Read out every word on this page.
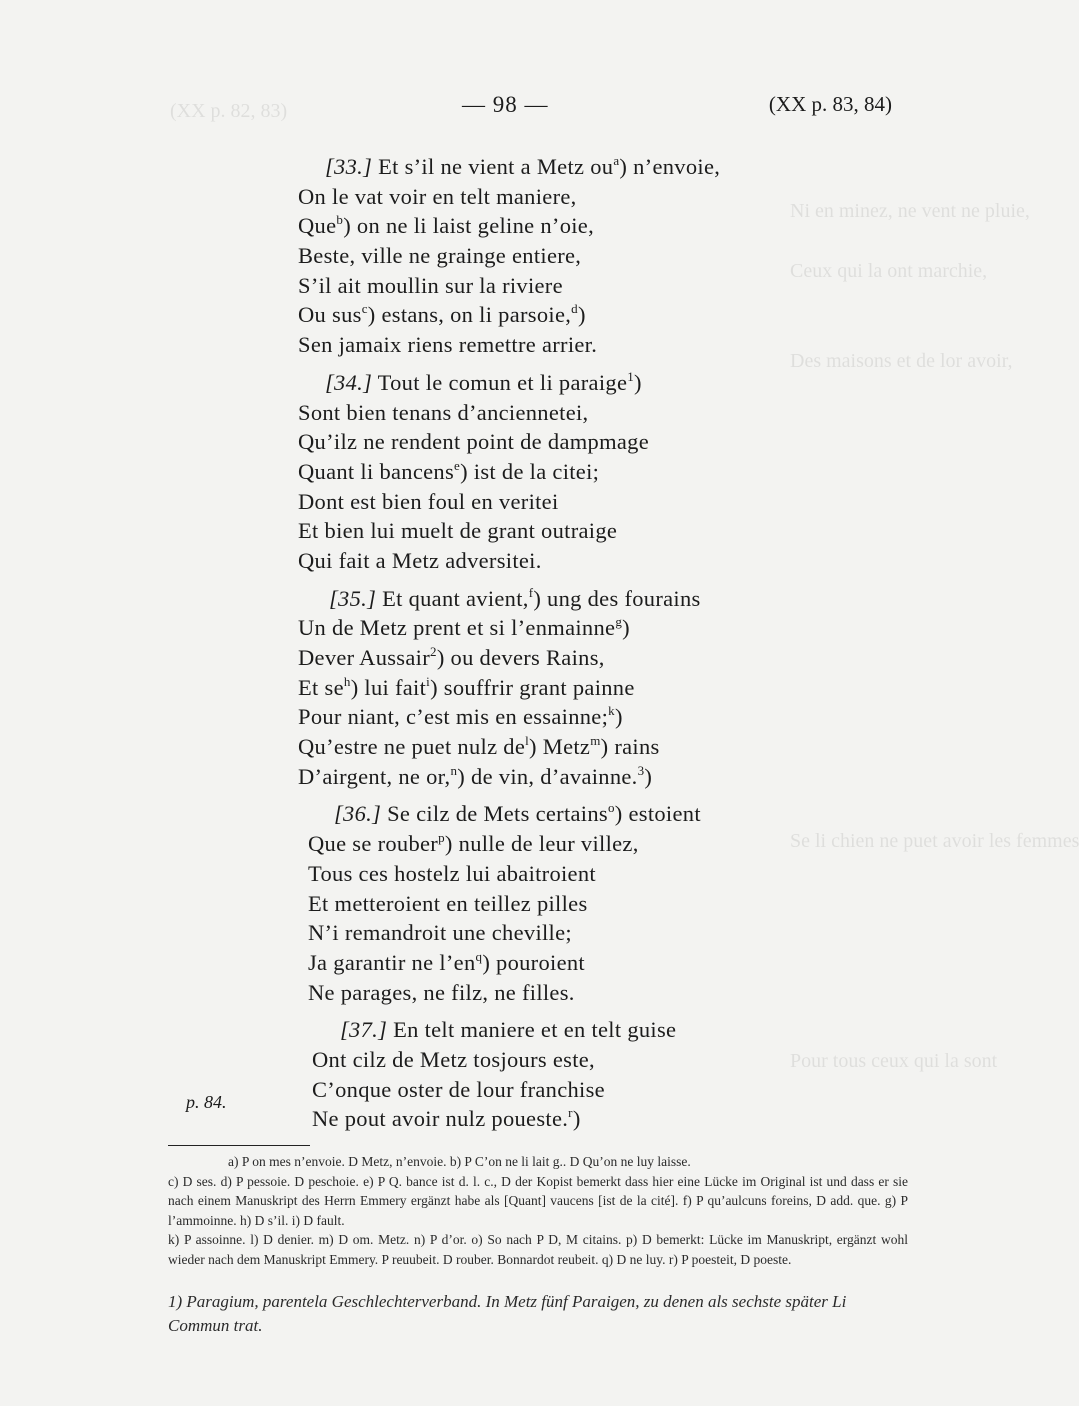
(XX p. 82, 83)
Ni en minez, ne vent ne pluie,
Ceux qui la ont marchie,
Des maisons et de lor avoir,
Se li chien ne puet avoir les femmes
Pour tous ceux qui la sont
— 98 —	(XX p. 83, 84)
[33.] Et s’il ne vient a Metz $ou^a$) n’envoie,
On le vat voir en telt maniere,
Que$^b$) on ne li laist geline n’oie,
Beste, ville ne grainge entiere,
S’il ait moullin sur la riviere
Ou sus$^c$) estans, on li parsoie,$^d$)
Sen jamaix riens remettre arrier.
[34.] Tout le comun et li paraige$^1$)
Sont bien tenans d’anciennetei,
Qu’ilz ne rendent point de dampmage
Quant li bancens$^e$) ist de la citei;
Dont est bien foul en veritei
Et bien lui muelt de grant outraige
Qui fait a Metz adversitei.
[35.] Et quant avient,$^f$) ung des fourains
Un de Metz prent et si l’enmainne$^g$)
Dever Aussair$^2$) ou devers Rains,
Et $se^h$) lui fait$^i$) souffrir grant painne
Pour niant, c’est mis en essainne;$^k$)
Qu’estre ne puet nulz $de^l$) Metz$^m$) rains
D’airgent, ne or,$^n$) de vin, d’avainne.$^3$)
[36.] Se cilz de Mets certains$^o$) estoient
Que se rouber$^p$) nulle de leur villez,
Tous ces hostelz lui abaitroient
Et metteroient en teillez pilles
N’i remandroit une cheville;
Ja garantir ne $l’en^q$) pouroient
Ne parages, ne filz, ne filles.
[37.] En telt maniere et en telt guise
Ont cilz de Metz tosjours este,
C’onque oster de lour franchise
Ne pout avoir nulz poueste.$^r$)
p. 84.

a) P on mes n’envoie. D Metz, n’envoie. b) P C’on ne li lait g.. D Qu’on ne luy laisse.

c) D ses. d) P pessoie. D peschoie. e) P Q. bance ist d. l. c., D der Kopist bemerkt dass hier eine Lücke im Original ist und dass er sie nach einem Manuskript des Herrn Emmery ergänzt habe als [Quant] vaucens [ist de la cité]. f) P qu’aulcuns foreins, D add. que. g) P l’ammoinne. h) D s’il. i) D fault.

k) P assoinne. l) D denier. m) D om. Metz. n) P d’or. o) So nach P D, M citains. p) D bemerkt: Lücke im Manuskript, ergänzt wohl wieder nach dem Manuskript Emmery. P reuubeit. D rouber. Bonnardot reubeit. q) D ne luy. r) P poesteit, D poeste.

1) Paragium, parentela Geschlechterverband. In Metz fünf Paraigen, zu denen als sechste später Li Commun trat.
